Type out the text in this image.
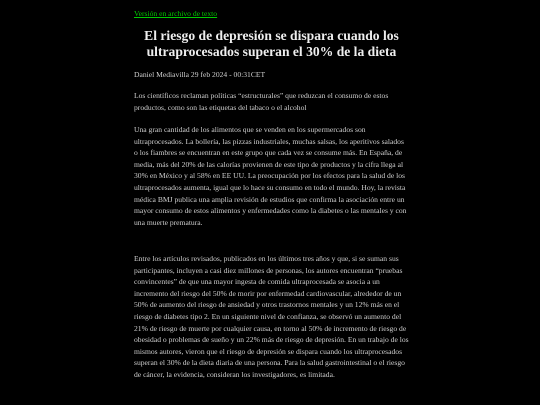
Versión en archivo de texto
El riesgo de depresión se dispara cuando los ultraprocesados superan el 30% de la dieta
Daniel Mediavilla 29 feb 2024 - 00:31CET

Los científicos reclaman políticas “estructurales” que reduzcan el consumo de estos productos, como son las etiquetas del tabaco o el alcohol

Una gran cantidad de los alimentos que se venden en los supermercados son ultraprocesados. La bollería, las pizzas industriales, muchas salsas, los aperitivos salados o los fiambres se encuentran en este grupo que cada vez se consume más. En España, de media, más del 20% de las calorías provienen de este tipo de productos y la cifra llega al 30% en México y al 58% en EE UU. La preocupación por los efectos para la salud de los ultraprocesados aumenta, igual que lo hace su consumo en todo el mundo. Hoy, la revista médica BMJ publica una amplia revisión de estudios que confirma la asociación entre un mayor consumo de estos alimentos y enfermedades como la diabetes o las mentales y con una muerte prematura.

Entre los artículos revisados, publicados en los últimos tres años y que, si se suman sus participantes, incluyen a casi diez millones de personas, los autores encuentran “pruebas convincentes” de que una mayor ingesta de comida ultraprocesada se asocia a un incremento del riesgo del 50% de morir por enfermedad cardiovascular, alrededor de un 50% de aumento del riesgo de ansiedad y otros trastornos mentales y un 12% más en el riesgo de diabetes tipo 2. En un siguiente nivel de confianza, se observó un aumento del 21% de riesgo de muerte por cualquier causa, en torno al 50% de incremento de riesgo de obesidad o problemas de sueño y un 22% más de riesgo de depresión. En un trabajo de los mismos autores, vieron que el riesgo de depresión se dispara cuando los ultraprocesados superan el 30% de la dieta diaria de una persona. Para la salud gastrointestinal o el riesgo de cáncer, la evidencia, consideran los investigadores, es limitada.
